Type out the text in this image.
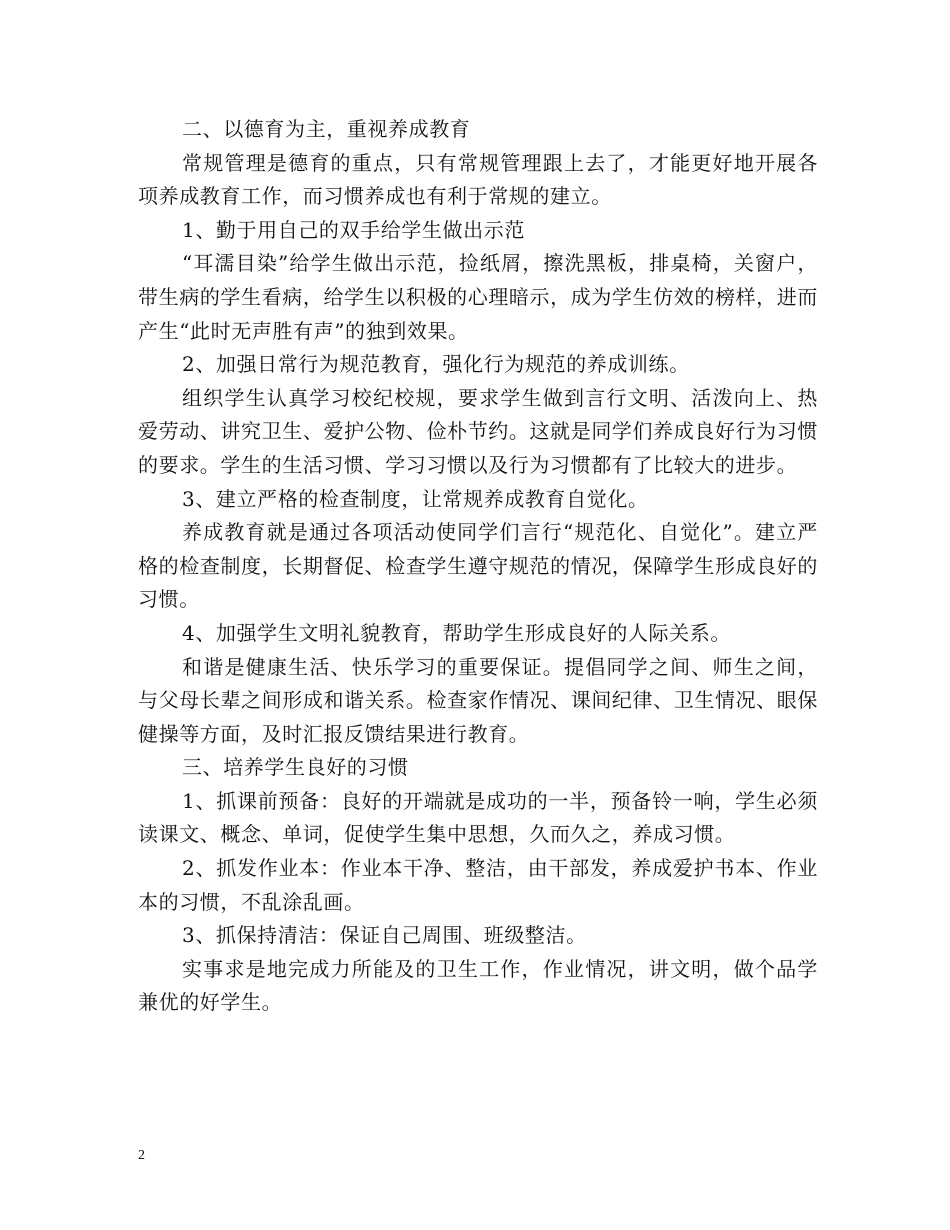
二、以德育为主，重视养成教育

常规管理是德育的重点，只有常规管理跟上去了，才能更好地开展各项养成教育工作，而习惯养成也有利于常规的建立。

1、勤于用自己的双手给学生做出示范

“耳濡目染”给学生做出示范，捡纸屑，擦洗黑板，排桌椅，关窗户，带生病的学生看病，给学生以积极的心理暗示，成为学生仿效的榜样，进而产生“此时无声胜有声”的独到效果。

2、加强日常行为规范教育，强化行为规范的养成训练。

组织学生认真学习校纪校规，要求学生做到言行文明、活泼向上、热爱劳动、讲究卫生、爱护公物、俭朴节约。这就是同学们养成良好行为习惯的要求。学生的生活习惯、学习习惯以及行为习惯都有了比较大的进步。

3、建立严格的检查制度，让常规养成教育自觉化。

养成教育就是通过各项活动使同学们言行“规范化、自觉化”。建立严格的检查制度，长期督促、检查学生遵守规范的情况，保障学生形成良好的习惯。

4、加强学生文明礼貌教育，帮助学生形成良好的人际关系。

和谐是健康生活、快乐学习的重要保证。提倡同学之间、师生之间，与父母长辈之间形成和谐关系。检查家作情况、课间纪律、卫生情况、眼保健操等方面，及时汇报反馈结果进行教育。

三、培养学生良好的习惯

1、抓课前预备：良好的开端就是成功的一半，预备铃一响，学生必须读课文、概念、单词，促使学生集中思想，久而久之，养成习惯。

2、抓发作业本：作业本干净、整洁，由干部发，养成爱护书本、作业本的习惯，不乱涂乱画。

3、抓保持清洁：保证自己周围、班级整洁。

实事求是地完成力所能及的卫生工作，作业情况，讲文明，做个品学兼优的好学生。

2
